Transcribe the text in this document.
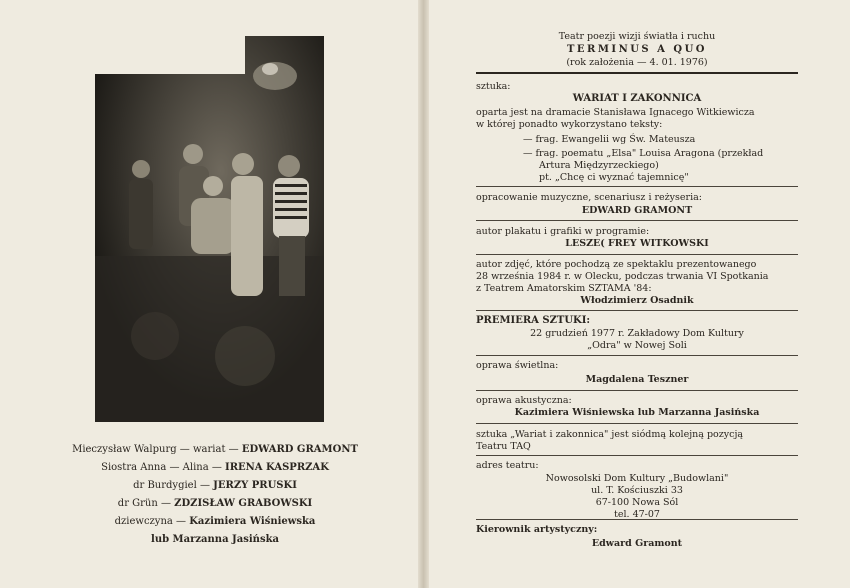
Mieczysław Walpurg — wariat — EDWARD GRAMONT
Siostra Anna — Alina — IRENA KASPRZAK
dr Burdygiel — JERZY PRUSKI
dr Grün — ZDZISŁAW GRABOWSKI
dziewczyna — Kazimiera Wiśniewska
lub Marzanna Jasińska
Teatr poezji wizji światła i ruchu
TERMINUS A QUO
(rok założenia — 4. 01. 1976)
sztuka:
WARIAT I ZAKONNICA
oparta jest na dramacie Stanisława Ignacego Witkiewicza
w której ponadto wykorzystano teksty:
— frag. Ewangelii wg Św. Mateusza
— frag. poematu „Elsa" Louisa Aragona (przekład
Artura Międzyrzeckiego)
pt. „Chcę ci wyznać tajemnicę"
opracowanie muzyczne, scenariusz i reżyseria:
EDWARD GRAMONT
autor plakatu i grafiki w programie:
LESZE( FREY WITKOWSKI
autor zdjęć, które pochodzą ze spektaklu prezentowanego
28 września 1984 r. w Olecku, podczas trwania VI Spotkania
z Teatrem Amatorskim SZTAMA '84:
Włodzimierz Osadnik
PREMIERA SZTUKI:
22 grudzień 1977 r. Zakładowy Dom Kultury
„Odra" w Nowej Soli
oprawa świetlna:
Magdalena Teszner
oprawa akustyczna:
Kazimiera Wiśniewska lub Marzanna Jasińska
sztuka „Wariat i zakonnica" jest siódmą kolejną pozycją
Teatru TAQ
adres teatru:
Nowosolski Dom Kultury „Budowlani"
ul. T. Kościuszki 33
67-100 Nowa Sól
tel. 47-07
Kierownik artystyczny:
Edward Gramont
